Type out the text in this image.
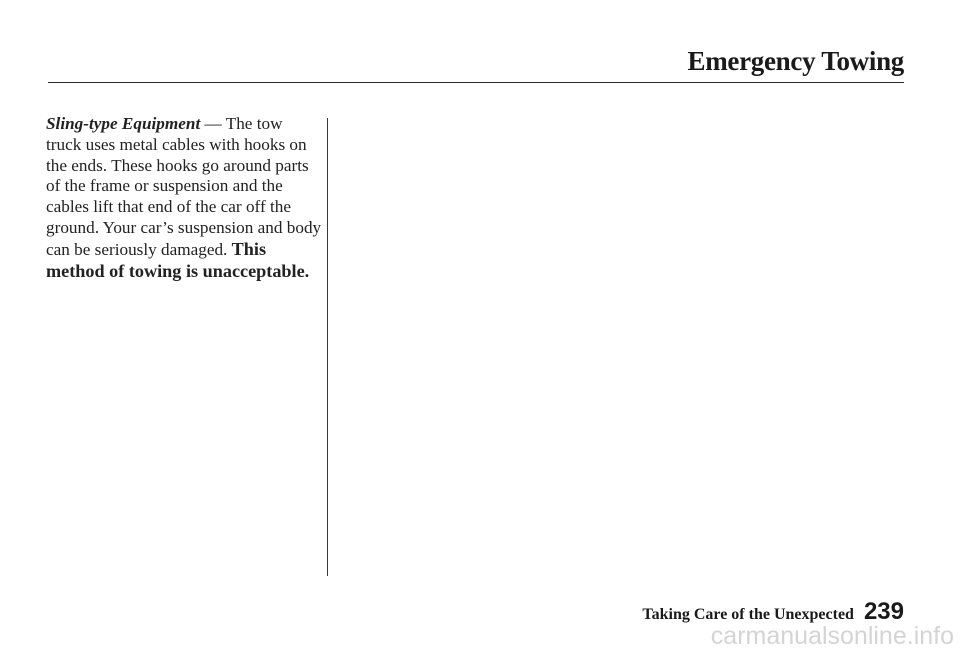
Emergency Towing
Sling-type Equipment — The tow truck uses metal cables with hooks on the ends. These hooks go around parts of the frame or suspension and the cables lift that end of the car off the ground. Your car’s suspension and body can be seriously damaged. This method of towing is unacceptable.
Taking Care of the Unexpected 239
carmanualsonline.info
